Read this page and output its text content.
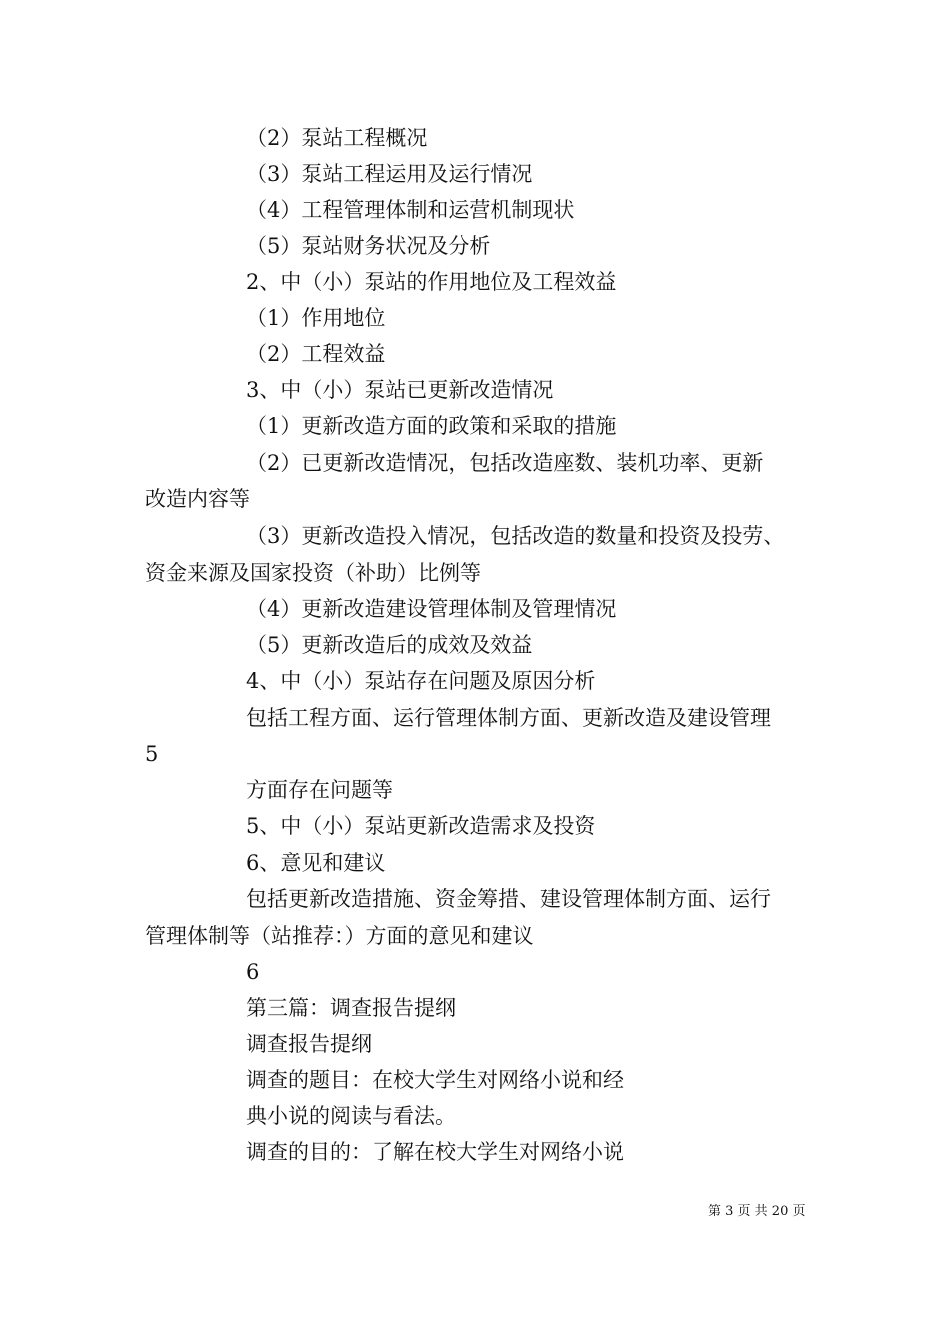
（2）泵站工程概况
（3）泵站工程运用及运行情况
（4）工程管理体制和运营机制现状
（5）泵站财务状况及分析
2、中（小）泵站的作用地位及工程效益
（1）作用地位
（2）工程效益
3、中（小）泵站已更新改造情况
（1）更新改造方面的政策和采取的措施
（2）已更新改造情况，包括改造座数、装机功率、更新
改造内容等
（3）更新改造投入情况，包括改造的数量和投资及投劳、
资金来源及国家投资（补助）比例等
（4）更新改造建设管理体制及管理情况
（5）更新改造后的成效及效益
4、中（小）泵站存在问题及原因分析
包括工程方面、运行管理体制方面、更新改造及建设管理
5
方面存在问题等
5、中（小）泵站更新改造需求及投资
6、意见和建议
包括更新改造措施、资金筹措、建设管理体制方面、运行
管理体制等（站推荐：）方面的意见和建议
6
第三篇：调查报告提纲
调查报告提纲
调查的题目：在校大学生对网络小说和经
典小说的阅读与看法。
调查的目的：了解在校大学生对网络小说
第 3 页 共 20 页
